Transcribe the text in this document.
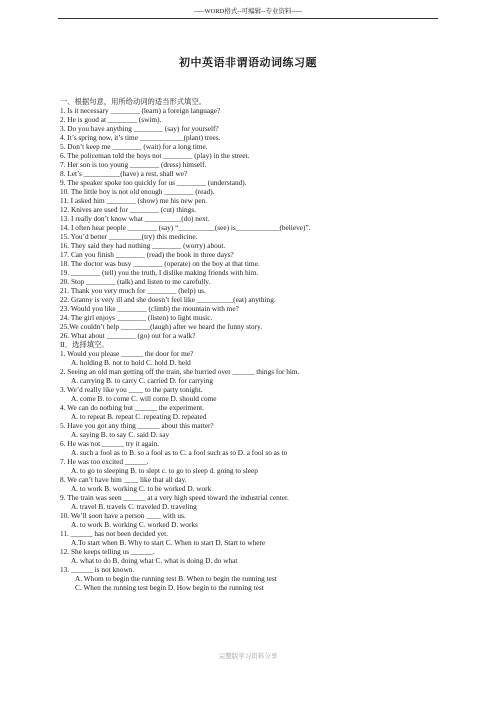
-----WORD格式--可编辑--专业资料-----
初中英语非谓语动词练习题
一、根据句意，用所给动词的适当形式填空。
1. Is it necessary ________ (learn) a foreign language?
2. He is good at ________ (swim).
3. Do you have anything ________ (say) for yourself?
4. It’s spring now, it’s time ____________(plant) trees.
5. Don’t keep me ________ (wait) for a long time.
6. The policeman told the boys not ________ (play) in the street.
7. Her son is too young ________ (dress) himself.
8. Let’s __________(have) a rest, shall we?
9. The speaker spoke too quickly for us ________ (understand).
10. The little boy is not old enough ________ (read).
11. I asked him ________ (show) me his new pen.
12. Knives are used for ________ (cut) things.
13. I really don’t know what __________(do) next.
14. I often hear people ________ (say) “__________(see) is____________(believe)”.
15. You’d better _________(try) this medicine.
16. They said they had nothing ________ (worry) about.
17. Can you finish ________ (read) the book in three days?
18. The doctor was busy ________ (operate) on the boy at that time.
19. ________ (tell) you the truth, I dislike making friends with him.
20. Stop ________ (talk) and listen to me carefully.
21. Thank you very much for ________ (help) us.
22. Granny is very ill and she doesn’t feel like __________(eat) anything.
23. Would you like ________ (climb) the mountain with me?
24. The girl enjoys ________ (listen) to light music.
25.We couldn’t help ________(laugh) after we heard the funny story.
26. What about ________ (go) out for a walk?
II．选择填空。
1. Would you please ______ the door for me?
A. holding B. not to hold C. hold D. held
2. Seeing an old man getting off the train, she hurried over ______ things for him.
A. carrying B. to carry C. carried D. for carrying
3. We’d really like you ____ to the party tonight.
A. come B. to come C. will come D. should come
4. We can do nothing but ______ the experiment.
A. to repeat B. repeat C. repeating D. repeated
5. Have you got any thing ______ about this matter?
A. saying B. to say C. said D. say
6. He was not ______ try it again.
A. such a fool as to B. so a fool as to C. a fool such as to D. a fool so as to
7. He was too excited ______.
A. to go to sleeping B. to slept c. to go to sleep d. going to sleep
8. We can’t have him ____ like that all day.
A. to work B. working C. to be worked D. work
9. The train was seen ______ at a very high speed toward the industrial center.
A. travel B. travels C. traveled D. traveling
10. We’ll soon have a person ____ with us.
A. to work B. working C. worked D. works
11. ______ has not been decided yet.
A.To start when B. Why to start C. When to start D. Start to where
12. She keeps telling us ______.
A. what to do B. doing what C. what is doing D. do what
13. ______ is not known.
A. Whom to begin the running test B. When to begin the running test
C. When the running test begin D. How begin to the running test
完整版学习资料分享
